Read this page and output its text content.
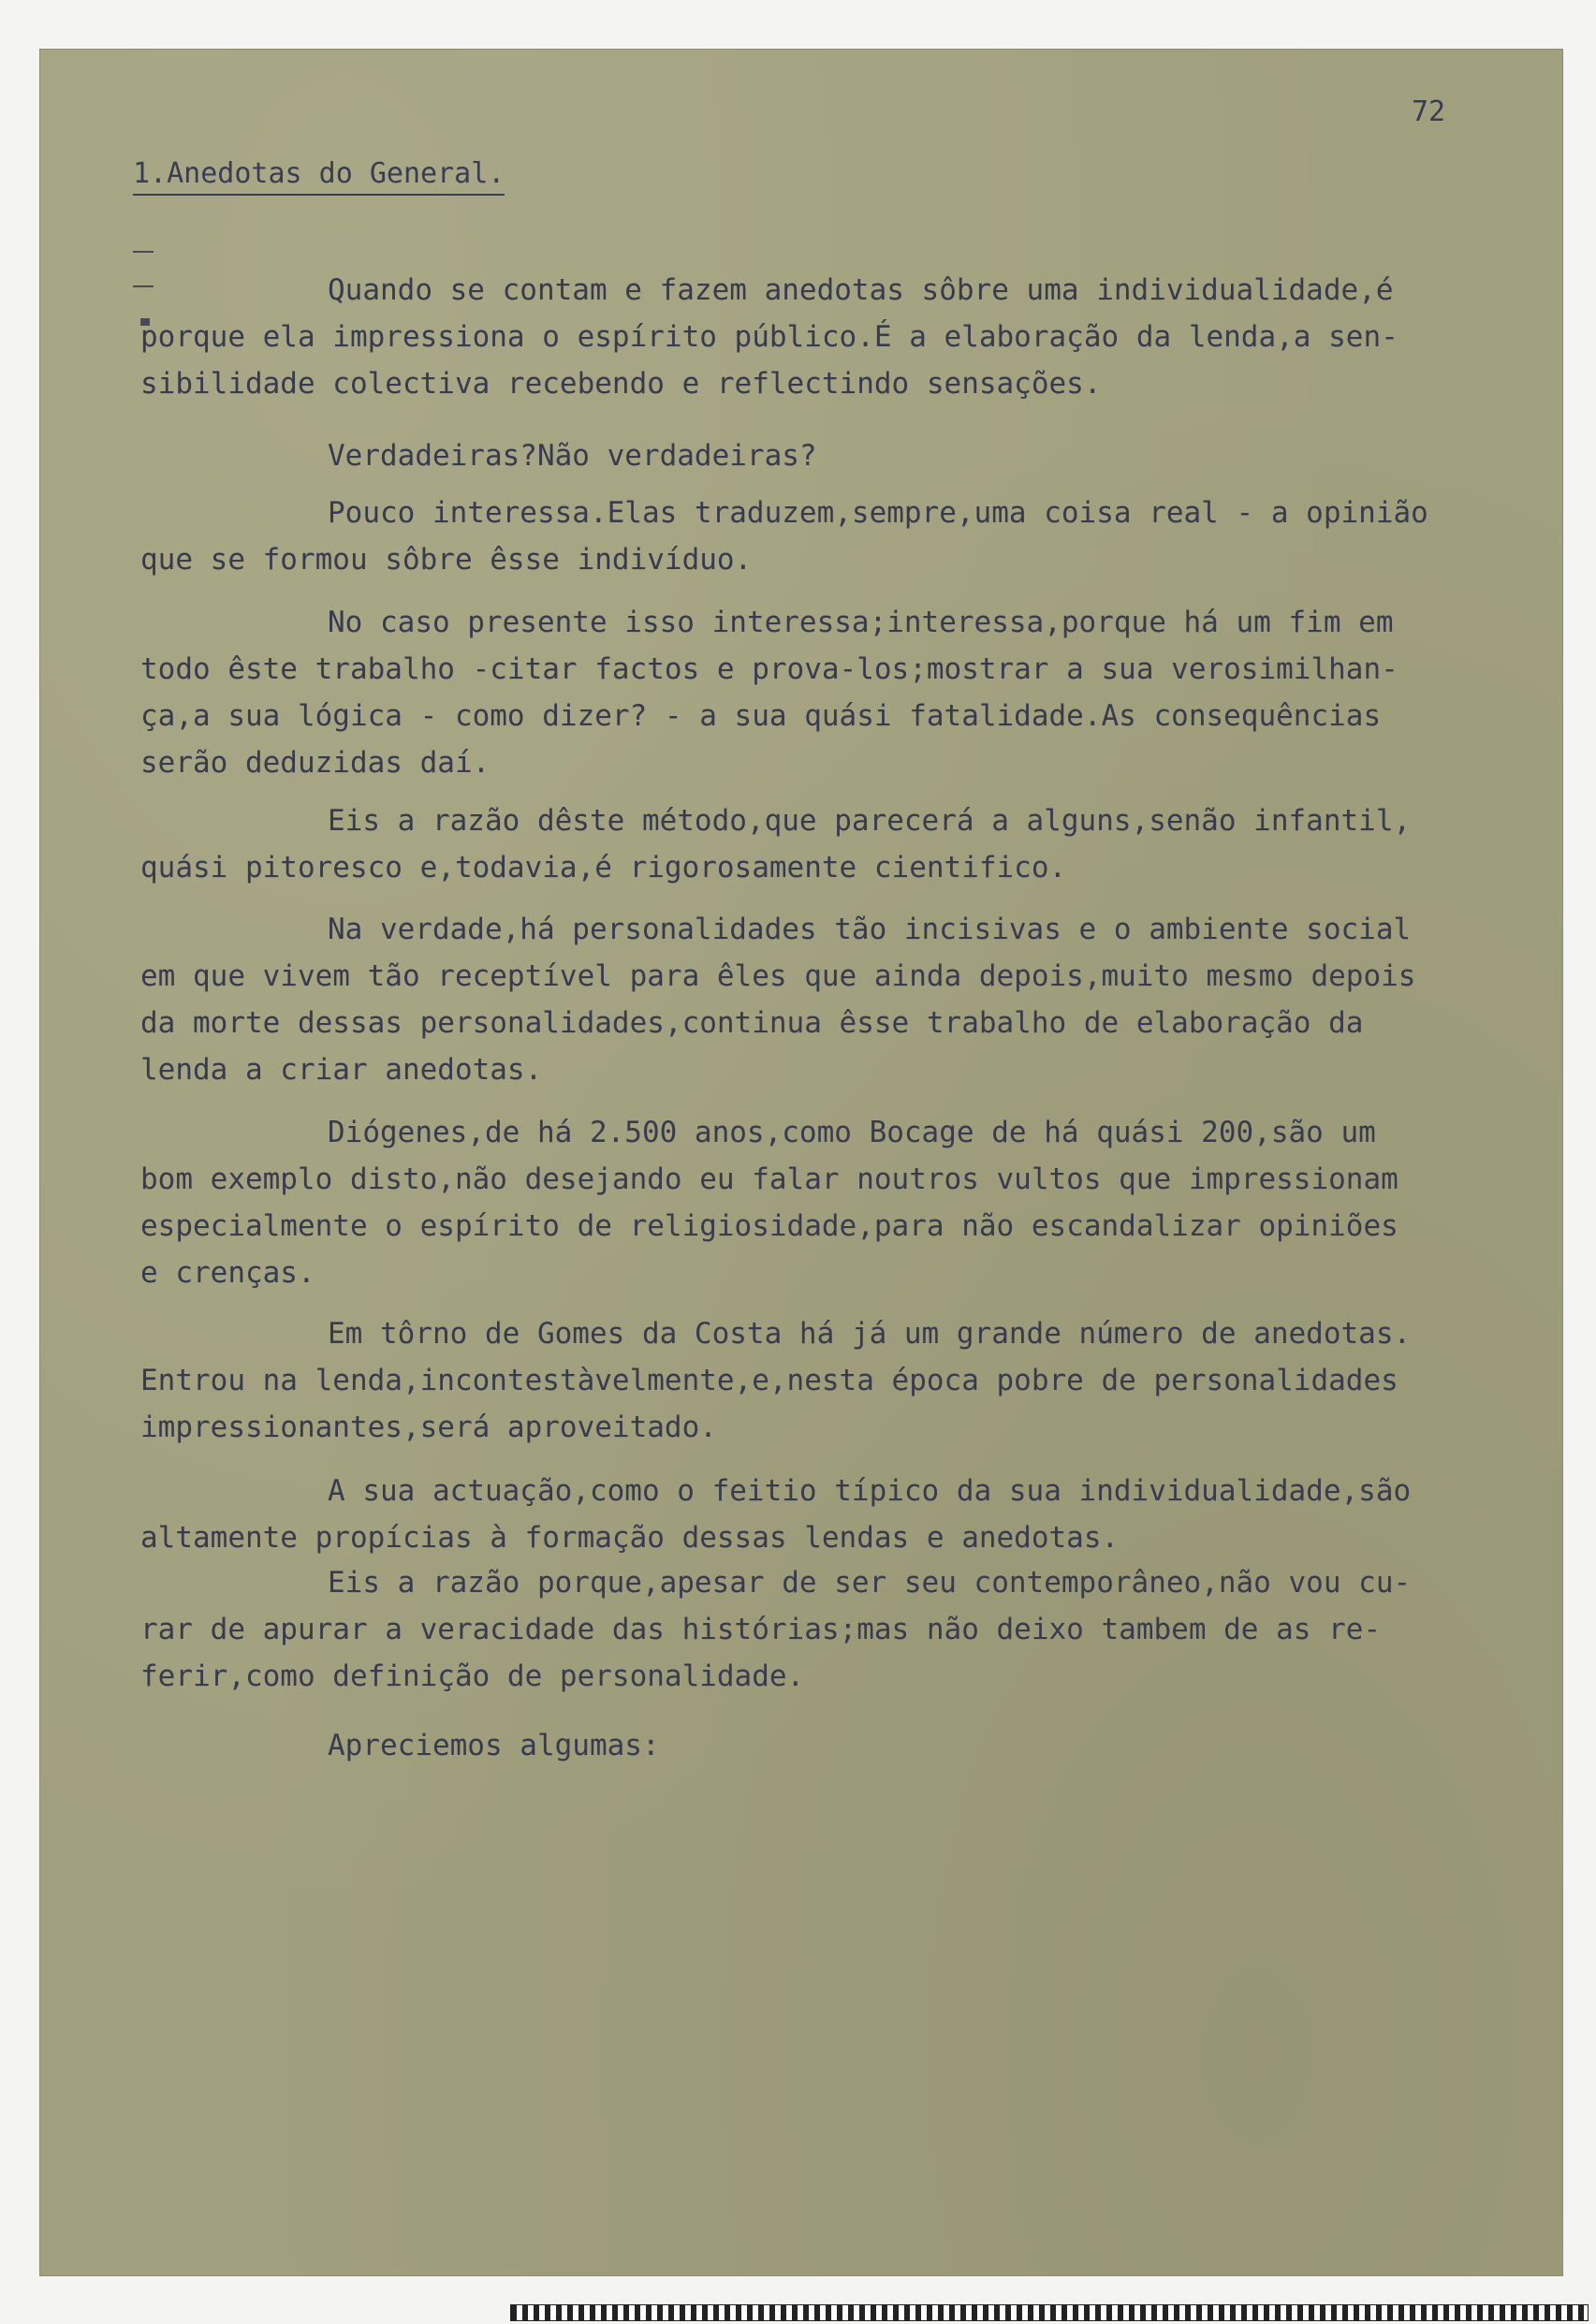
72
1.Anedotas do General.
Quando se contam e fazem anedotas sôbre uma individualidade,é
porque ela impressiona o espírito público.É a elaboração da lenda,a sen-
sibilidade colectiva recebendo e reflectindo sensações.
Verdadeiras?Não verdadeiras?
Pouco interessa.Elas traduzem,sempre,uma coisa real - a opinião
que se formou sôbre êsse indivíduo.
No caso presente isso interessa;interessa,porque há um fim em
todo êste trabalho -citar factos e prova-los;mostrar a sua verosimilhan-
ça,a sua lógica - como dizer? - a sua quási fatalidade.As consequências
serão deduzidas daí.
Eis a razão dêste método,que parecerá a alguns,senão infantil,
quási pitoresco e,todavia,é rigorosamente cientifico.
Na verdade,há personalidades tão incisivas e o ambiente social
em que vivem tão receptível para êles que ainda depois,muito mesmo depois
da morte dessas personalidades,continua êsse trabalho de elaboração da
lenda a criar anedotas.
Diógenes,de há 2.500 anos,como Bocage de há quási 200,são um
bom exemplo disto,não desejando eu falar noutros vultos que impressionam
especialmente o espírito de religiosidade,para não escandalizar opiniões
e crenças.
Em tôrno de Gomes da Costa há já um grande número de anedotas.
Entrou na lenda,incontestàvelmente,e,nesta época pobre de personalidades
impressionantes,será aproveitado.
A sua actuação,como o feitio típico da sua individualidade,são
altamente propícias à formação dessas lendas e anedotas.
Eis a razão porque,apesar de ser seu contemporâneo,não vou cu-
rar de apurar a veracidade das histórias;mas não deixo tambem de as re-
ferir,como definição de personalidade.
Apreciemos algumas:
